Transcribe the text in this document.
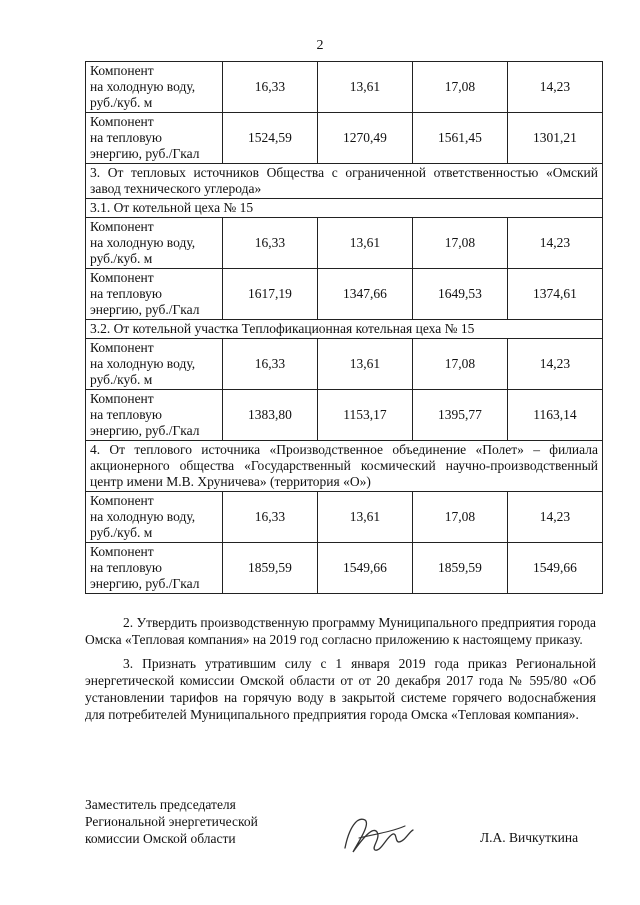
2
Компонент
на холодную воду,
руб./куб. м	16,33	13,61	17,08	14,23

Компонент
на тепловую
энергию, руб./Гкал	1524,59	1270,49	1561,45	1301,21
3. От тепловых источников Общества с ограниченной ответственностью «Омский завод технического углерода»				
3.1. От котельной цеха № 15				

Компонент
на холодную воду,
руб./куб. м	16,33	13,61	17,08	14,23

Компонент
на тепловую
энергию, руб./Гкал	1617,19	1347,66	1649,53	1374,61
3.2. От котельной участка Теплофикационная котельная цеха № 15				

Компонент
на холодную воду,
руб./куб. м	16,33	13,61	17,08	14,23

Компонент
на тепловую
энергию, руб./Гкал	1383,80	1153,17	1395,77	1163,14
4. От теплового источника «Производственное объединение «Полет» – филиала акционерного общества «Государственный космический научно-производственный центр имени М.В. Хруничева» (территория «О»)				

Компонент
на холодную воду,
руб./куб. м	16,33	13,61	17,08	14,23

Компонент
на тепловую
энергию, руб./Гкал	1859,59	1549,66	1859,59	1549,66

2. Утвердить производственную программу Муниципального предприятия города Омска «Тепловая компания» на 2019 год согласно приложению к настоящему приказу.

3. Признать утратившим силу с 1 января 2019 года приказ Региональной энергетической комиссии Омской области от от 20 декабря 2017 года № 595/80 «Об установлении тарифов на горячую воду в закрытой системе горячего водоснабжения для потребителей Муниципального предприятия города Омска «Тепловая компания».

Заместитель председателя
Региональной энергетической
комиссии Омской области	Л.А. Вичкуткина
